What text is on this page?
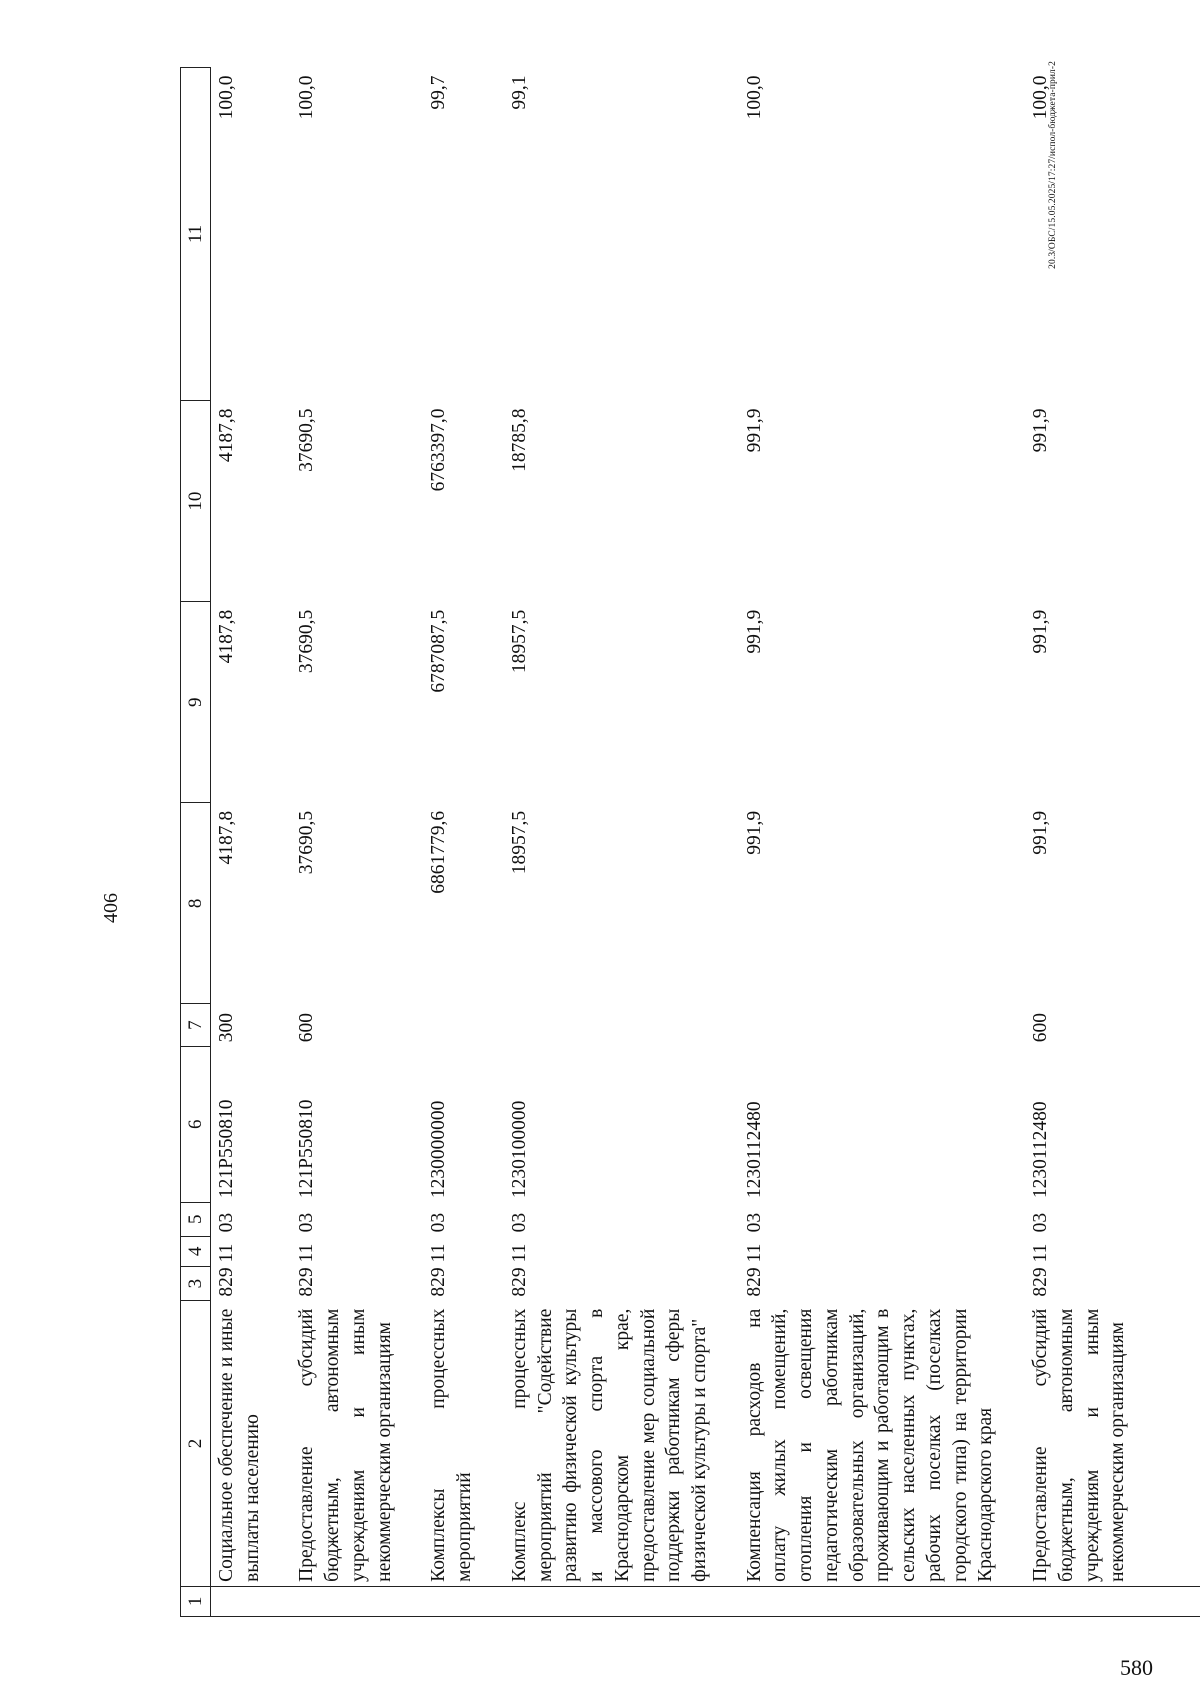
406
1	2	3	4	5	6	7	8	9	10	11
	Социальное обеспечение и иные выплаты населению	829	11	03	121Р550810	300	4187,8	4187,8	4187,8	100,0
	Предоставление субсидий бюджетным, автономным учреждениям и иным некоммерческим организациям	829	11	03	121Р550810	600	37690,5	37690,5	37690,5	100,0
	Комплексы процессных мероприятий	829	11	03	1230000000		6861779,6	6787087,5	6763397,0	99,7
	Комплекс процессных мероприятий "Содействие развитию физической культуры и массового спорта в Краснодарском крае, предоставление мер социальной поддержки работникам сферы физической культуры и спорта"	829	11	03	1230100000		18957,5	18957,5	18785,8	99,1
	Компенсация расходов на оплату жилых помещений, отопления и освещения педагогическим работникам образовательных организаций, проживающим и работающим в сельских населенных пунктах, рабочих поселках (поселках городского типа) на территории Краснодарского края	829	11	03	1230112480		991,9	991,9	991,9	100,0
	Предоставление субсидий бюджетным, автономным учреждениям и иным некоммерческим организациям	829	11	03	1230112480	600	991,9	991,9	991,9	100,0
20.3/ОБС/15.05.2025/17:27/испол-бюджета-прил-2
580
